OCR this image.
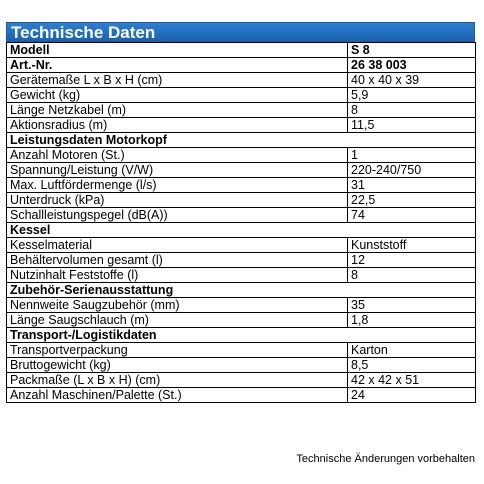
Technische Daten
Modell	S 8
Art.-Nr.	26 38 003
Gerätemaße L x B x H (cm)	40 x 40 x 39
Gewicht (kg)	5,9
Länge Netzkabel (m)	8
Aktionsradius (m)	11,5
Leistungsdaten Motorkopf	
Anzahl Motoren (St.)	1
Spannung/Leistung (V/W)	220-240/750
Max. Luftfördermenge (l/s)	31
Unterdruck (kPa)	22,5
Schallleistungspegel (dB(A))	74
Kessel	
Kesselmaterial	Kunststoff
Behältervolumen gesamt (l)	12
Nutzinhalt Feststoffe (l)	8
Zubehör-Serienausstattung	
Nennweite Saugzubehör (mm)	35
Länge Saugschlauch (m)	1,8
Transport-/Logistikdaten	
Transportverpackung	Karton
Bruttogewicht (kg)	8,5
Packmaße (L x B x H) (cm)	42 x 42 x 51
Anzahl Maschinen/Palette (St.)	24
Technische Änderungen vorbehalten
